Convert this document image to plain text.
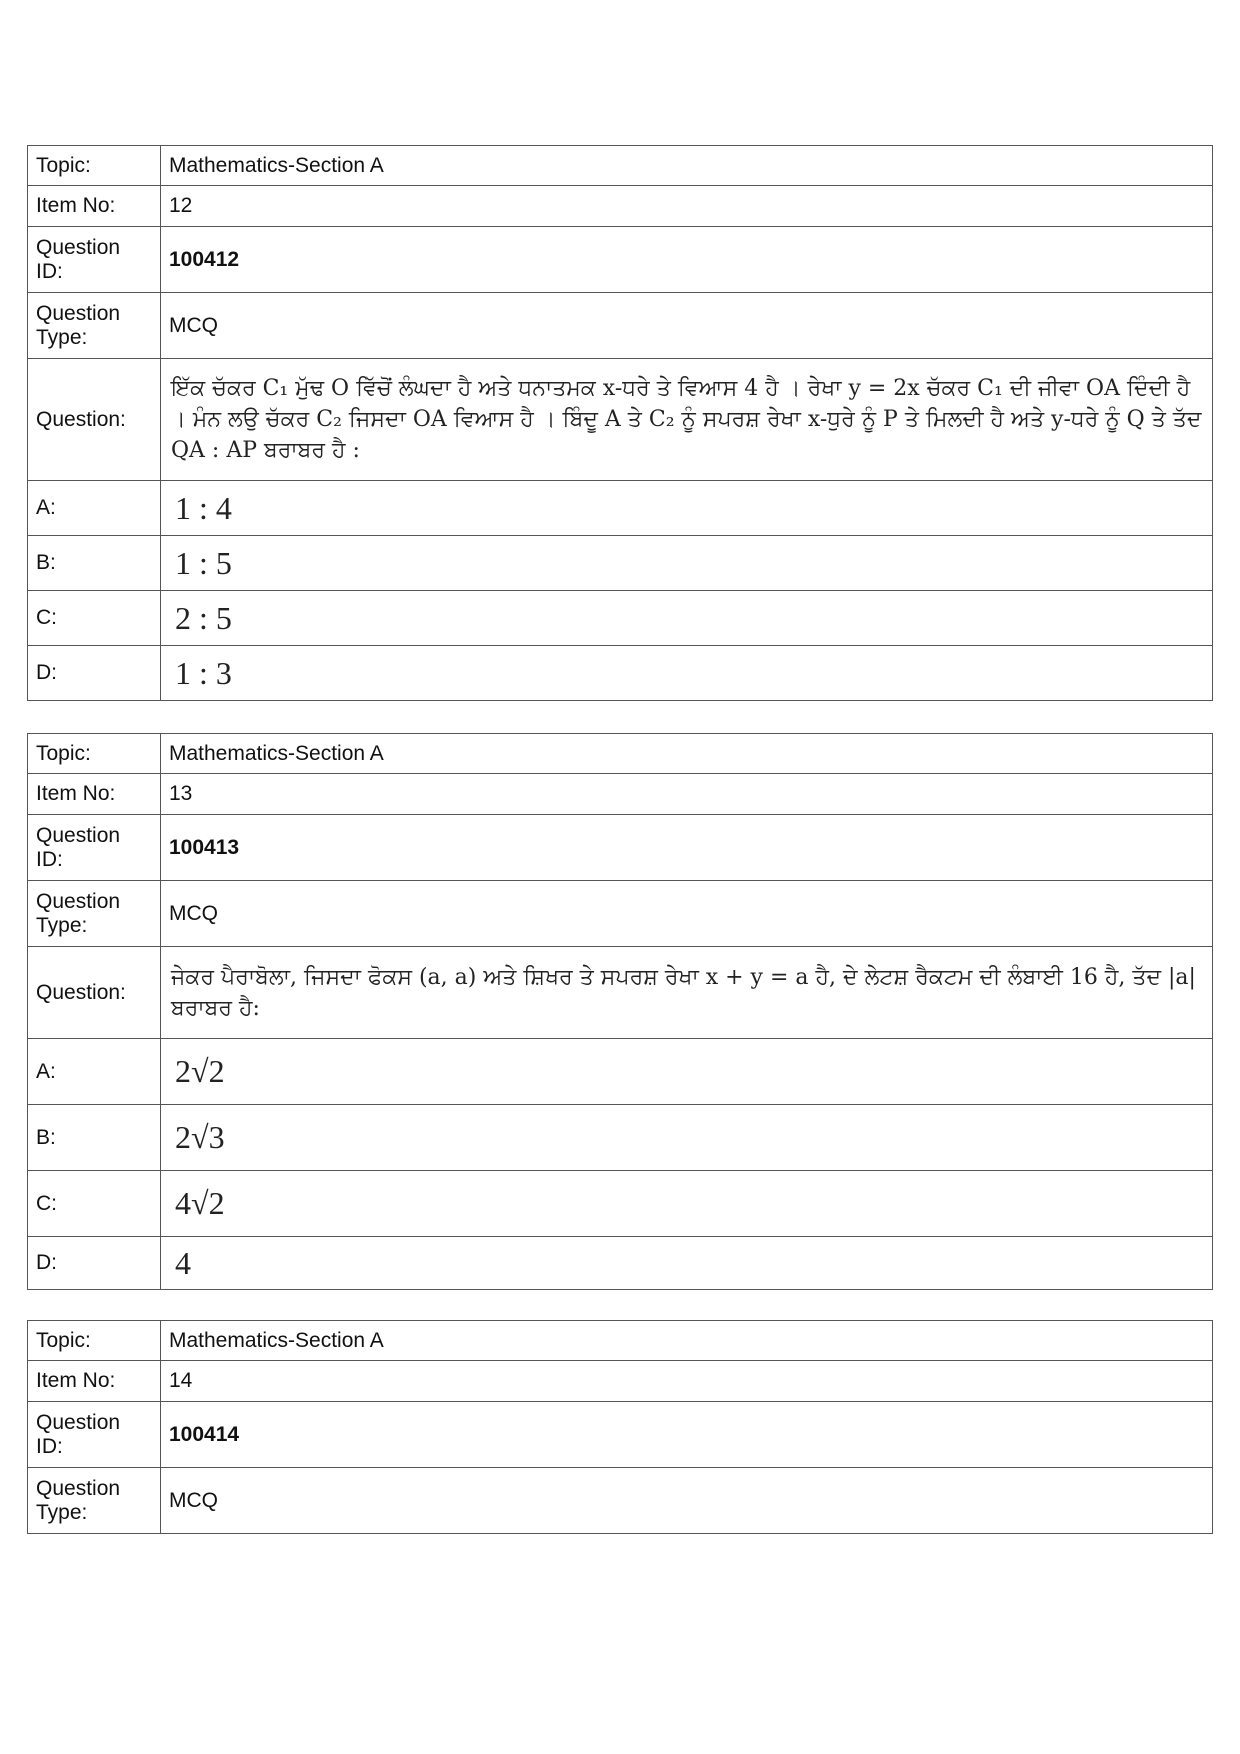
Topic:	Mathematics-Section A
Item No:	12
Question ID:	100412
Question Type:	MCQ
Question:	ਇੱਕ ਚੱਕਰ C₁ ਮੁੱਢ O ਵਿੱਚੋਂ ਲੰਘਦਾ ਹੈ ਅਤੇ ਧਨਾਤਮਕ x-ਧਰੇ ਤੇ ਵਿਆਸ 4 ਹੈ । ਰੇਖਾ y = 2x ਚੱਕਰ C₁ ਦੀ ਜੀਵਾ OA ਦਿੰਦੀ ਹੈ । ਮੰਨ ਲਉ ਚੱਕਰ C₂ ਜਿਸਦਾ OA ਵਿਆਸ ਹੈ । ਬਿੰਦੂ A ਤੇ C₂ ਨੂੰ ਸਪਰਸ਼ ਰੇਖਾ x-ਧੁਰੇ ਨੂੰ P ਤੇ ਮਿਲਦੀ ਹੈ ਅਤੇ y-ਧਰੇ ਨੂੰ Q ਤੇ ਤੱਦ QA : AP ਬਰਾਬਰ ਹੈ :

A:	1 : 4
B:	1 : 5
C:	2 : 5
D:	1 : 3
Topic:	Mathematics-Section A
Item No:	13
Question ID:	100413
Question Type:	MCQ
Question:	ਜੇਕਰ ਪੈਰਾਬੋਲਾ, ਜਿਸਦਾ ਫੋਕਸ (a, a) ਅਤੇ ਸ਼ਿਖਰ ਤੇ ਸਪਰਸ਼ ਰੇਖਾ x + y = a ਹੈ, ਦੇ ਲੇਟਸ਼ ਰੈਕਟਮ ਦੀ ਲੰਬਾਈ 16 ਹੈ, ਤੱਦ |a| ਬਰਾਬਰ ਹੈ:

A:	2√2
B:	2√3
C:	4√2
D:	4
Topic:	Mathematics-Section A
Item No:	14
Question ID:	100414
Question Type:	MCQ
